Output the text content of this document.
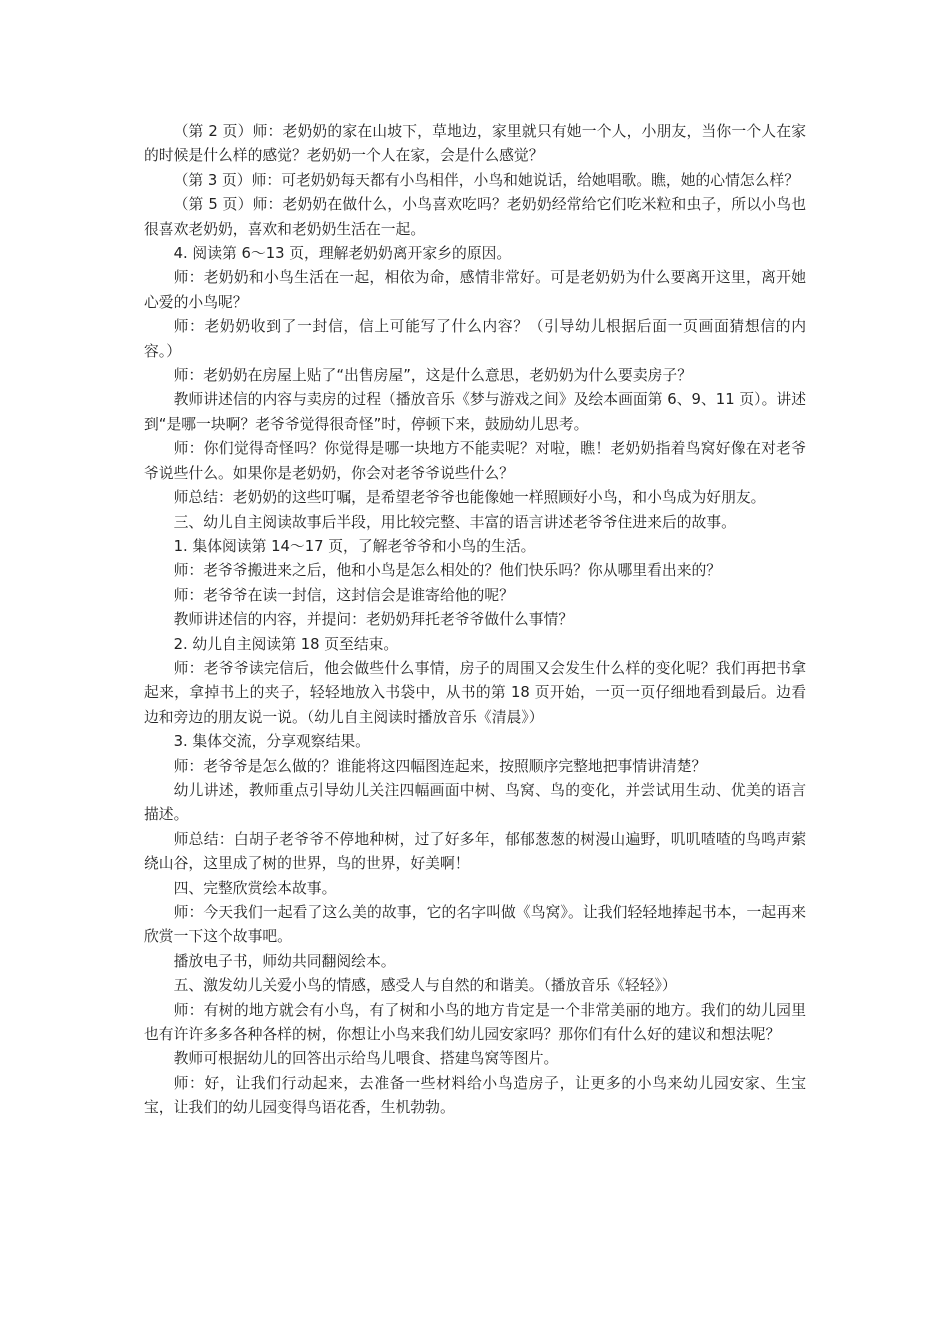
（第 2 页）师：老奶奶的家在山坡下，草地边，家里就只有她一个人，小朋友，当你一个人在家的时候是什么样的感觉？老奶奶一个人在家，会是什么感觉？

（第 3 页）师：可老奶奶每天都有小鸟相伴，小鸟和她说话，给她唱歌。瞧，她的心情怎么样？

（第 5 页）师：老奶奶在做什么，小鸟喜欢吃吗？老奶奶经常给它们吃米粒和虫子，所以小鸟也很喜欢老奶奶，喜欢和老奶奶生活在一起。

4. 阅读第 6～13 页，理解老奶奶离开家乡的原因。

师：老奶奶和小鸟生活在一起，相依为命，感情非常好。可是老奶奶为什么要离开这里，离开她心爱的小鸟呢？

师：老奶奶收到了一封信，信上可能写了什么内容？（引导幼儿根据后面一页画面猜想信的内容。）

师：老奶奶在房屋上贴了“出售房屋”，这是什么意思，老奶奶为什么要卖房子？

教师讲述信的内容与卖房的过程（播放音乐《梦与游戏之间》及绘本画面第 6、9、11 页）。讲述到“是哪一块啊？老爷爷觉得很奇怪”时，停顿下来，鼓励幼儿思考。

师：你们觉得奇怪吗？你觉得是哪一块地方不能卖呢？对啦，瞧！老奶奶指着鸟窝好像在对老爷爷说些什么。如果你是老奶奶，你会对老爷爷说些什么？

师总结：老奶奶的这些叮嘱，是希望老爷爷也能像她一样照顾好小鸟，和小鸟成为好朋友。

三、幼儿自主阅读故事后半段，用比较完整、丰富的语言讲述老爷爷住进来后的故事。

1. 集体阅读第 14～17 页，了解老爷爷和小鸟的生活。

师：老爷爷搬进来之后，他和小鸟是怎么相处的？他们快乐吗？你从哪里看出来的？

师：老爷爷在读一封信，这封信会是谁寄给他的呢？

教师讲述信的内容，并提问：老奶奶拜托老爷爷做什么事情？

2. 幼儿自主阅读第 18 页至结束。

师：老爷爷读完信后，他会做些什么事情，房子的周围又会发生什么样的变化呢？我们再把书拿起来，拿掉书上的夹子，轻轻地放入书袋中，从书的第 18 页开始，一页一页仔细地看到最后。边看边和旁边的朋友说一说。（幼儿自主阅读时播放音乐《清晨》）

3. 集体交流，分享观察结果。

师：老爷爷是怎么做的？谁能将这四幅图连起来，按照顺序完整地把事情讲清楚？

幼儿讲述，教师重点引导幼儿关注四幅画面中树、鸟窝、鸟的变化，并尝试用生动、优美的语言描述。

师总结：白胡子老爷爷不停地种树，过了好多年，郁郁葱葱的树漫山遍野，叽叽喳喳的鸟鸣声萦绕山谷，这里成了树的世界，鸟的世界，好美啊！

四、完整欣赏绘本故事。

师：今天我们一起看了这么美的故事，它的名字叫做《鸟窝》。让我们轻轻地捧起书本，一起再来欣赏一下这个故事吧。

播放电子书，师幼共同翻阅绘本。

五、激发幼儿关爱小鸟的情感，感受人与自然的和谐美。（播放音乐《轻轻》）

师：有树的地方就会有小鸟，有了树和小鸟的地方肯定是一个非常美丽的地方。我们的幼儿园里也有许许多多各种各样的树，你想让小鸟来我们幼儿园安家吗？那你们有什么好的建议和想法呢？

教师可根据幼儿的回答出示给鸟儿喂食、搭建鸟窝等图片。

师：好，让我们行动起来，去准备一些材料给小鸟造房子，让更多的小鸟来幼儿园安家、生宝宝，让我们的幼儿园变得鸟语花香，生机勃勃。
